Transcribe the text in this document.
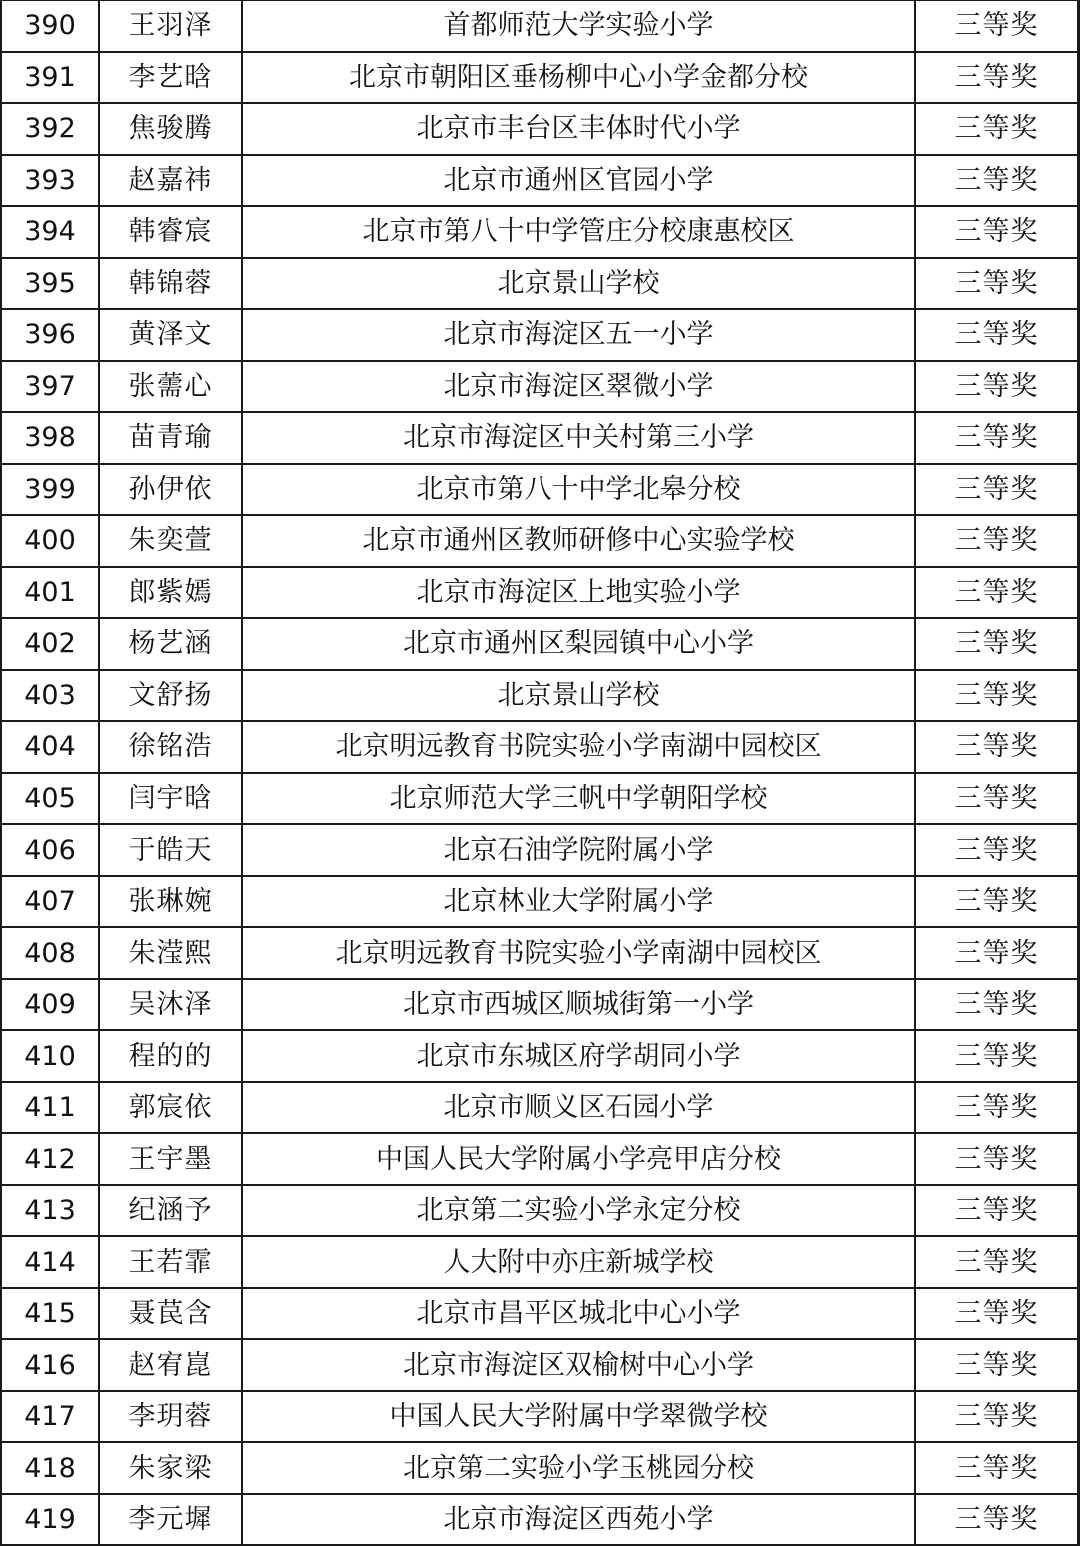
390	王羽泽	首都师范大学实验小学	三等奖
391	李艺晗	北京市朝阳区垂杨柳中心小学金都分校	三等奖
392	焦骏腾	北京市丰台区丰体时代小学	三等奖
393	赵嘉祎	北京市通州区官园小学	三等奖
394	韩睿宸	北京市第八十中学管庄分校康惠校区	三等奖
395	韩锦蓉	北京景山学校	三等奖
396	黄泽文	北京市海淀区五一小学	三等奖
397	张薷心	北京市海淀区翠微小学	三等奖
398	苗青瑜	北京市海淀区中关村第三小学	三等奖
399	孙伊依	北京市第八十中学北皋分校	三等奖
400	朱奕萱	北京市通州区教师研修中心实验学校	三等奖
401	郎紫嫣	北京市海淀区上地实验小学	三等奖
402	杨艺涵	北京市通州区梨园镇中心小学	三等奖
403	文舒扬	北京景山学校	三等奖
404	徐铭浩	北京明远教育书院实验小学南湖中园校区	三等奖
405	闫宇晗	北京师范大学三帆中学朝阳学校	三等奖
406	于皓天	北京石油学院附属小学	三等奖
407	张琳婉	北京林业大学附属小学	三等奖
408	朱滢熙	北京明远教育书院实验小学南湖中园校区	三等奖
409	吴沐泽	北京市西城区顺城街第一小学	三等奖
410	程的的	北京市东城区府学胡同小学	三等奖
411	郭宸依	北京市顺义区石园小学	三等奖
412	王宇墨	中国人民大学附属小学亮甲店分校	三等奖
413	纪涵予	北京第二实验小学永定分校	三等奖
414	王若霏	人大附中亦庄新城学校	三等奖
415	聂苠含	北京市昌平区城北中心小学	三等奖
416	赵宥崑	北京市海淀区双榆树中心小学	三等奖
417	李玥蓉	中国人民大学附属中学翠微学校	三等奖
418	朱家梁	北京第二实验小学玉桃园分校	三等奖
419	李元墀	北京市海淀区西苑小学	三等奖
